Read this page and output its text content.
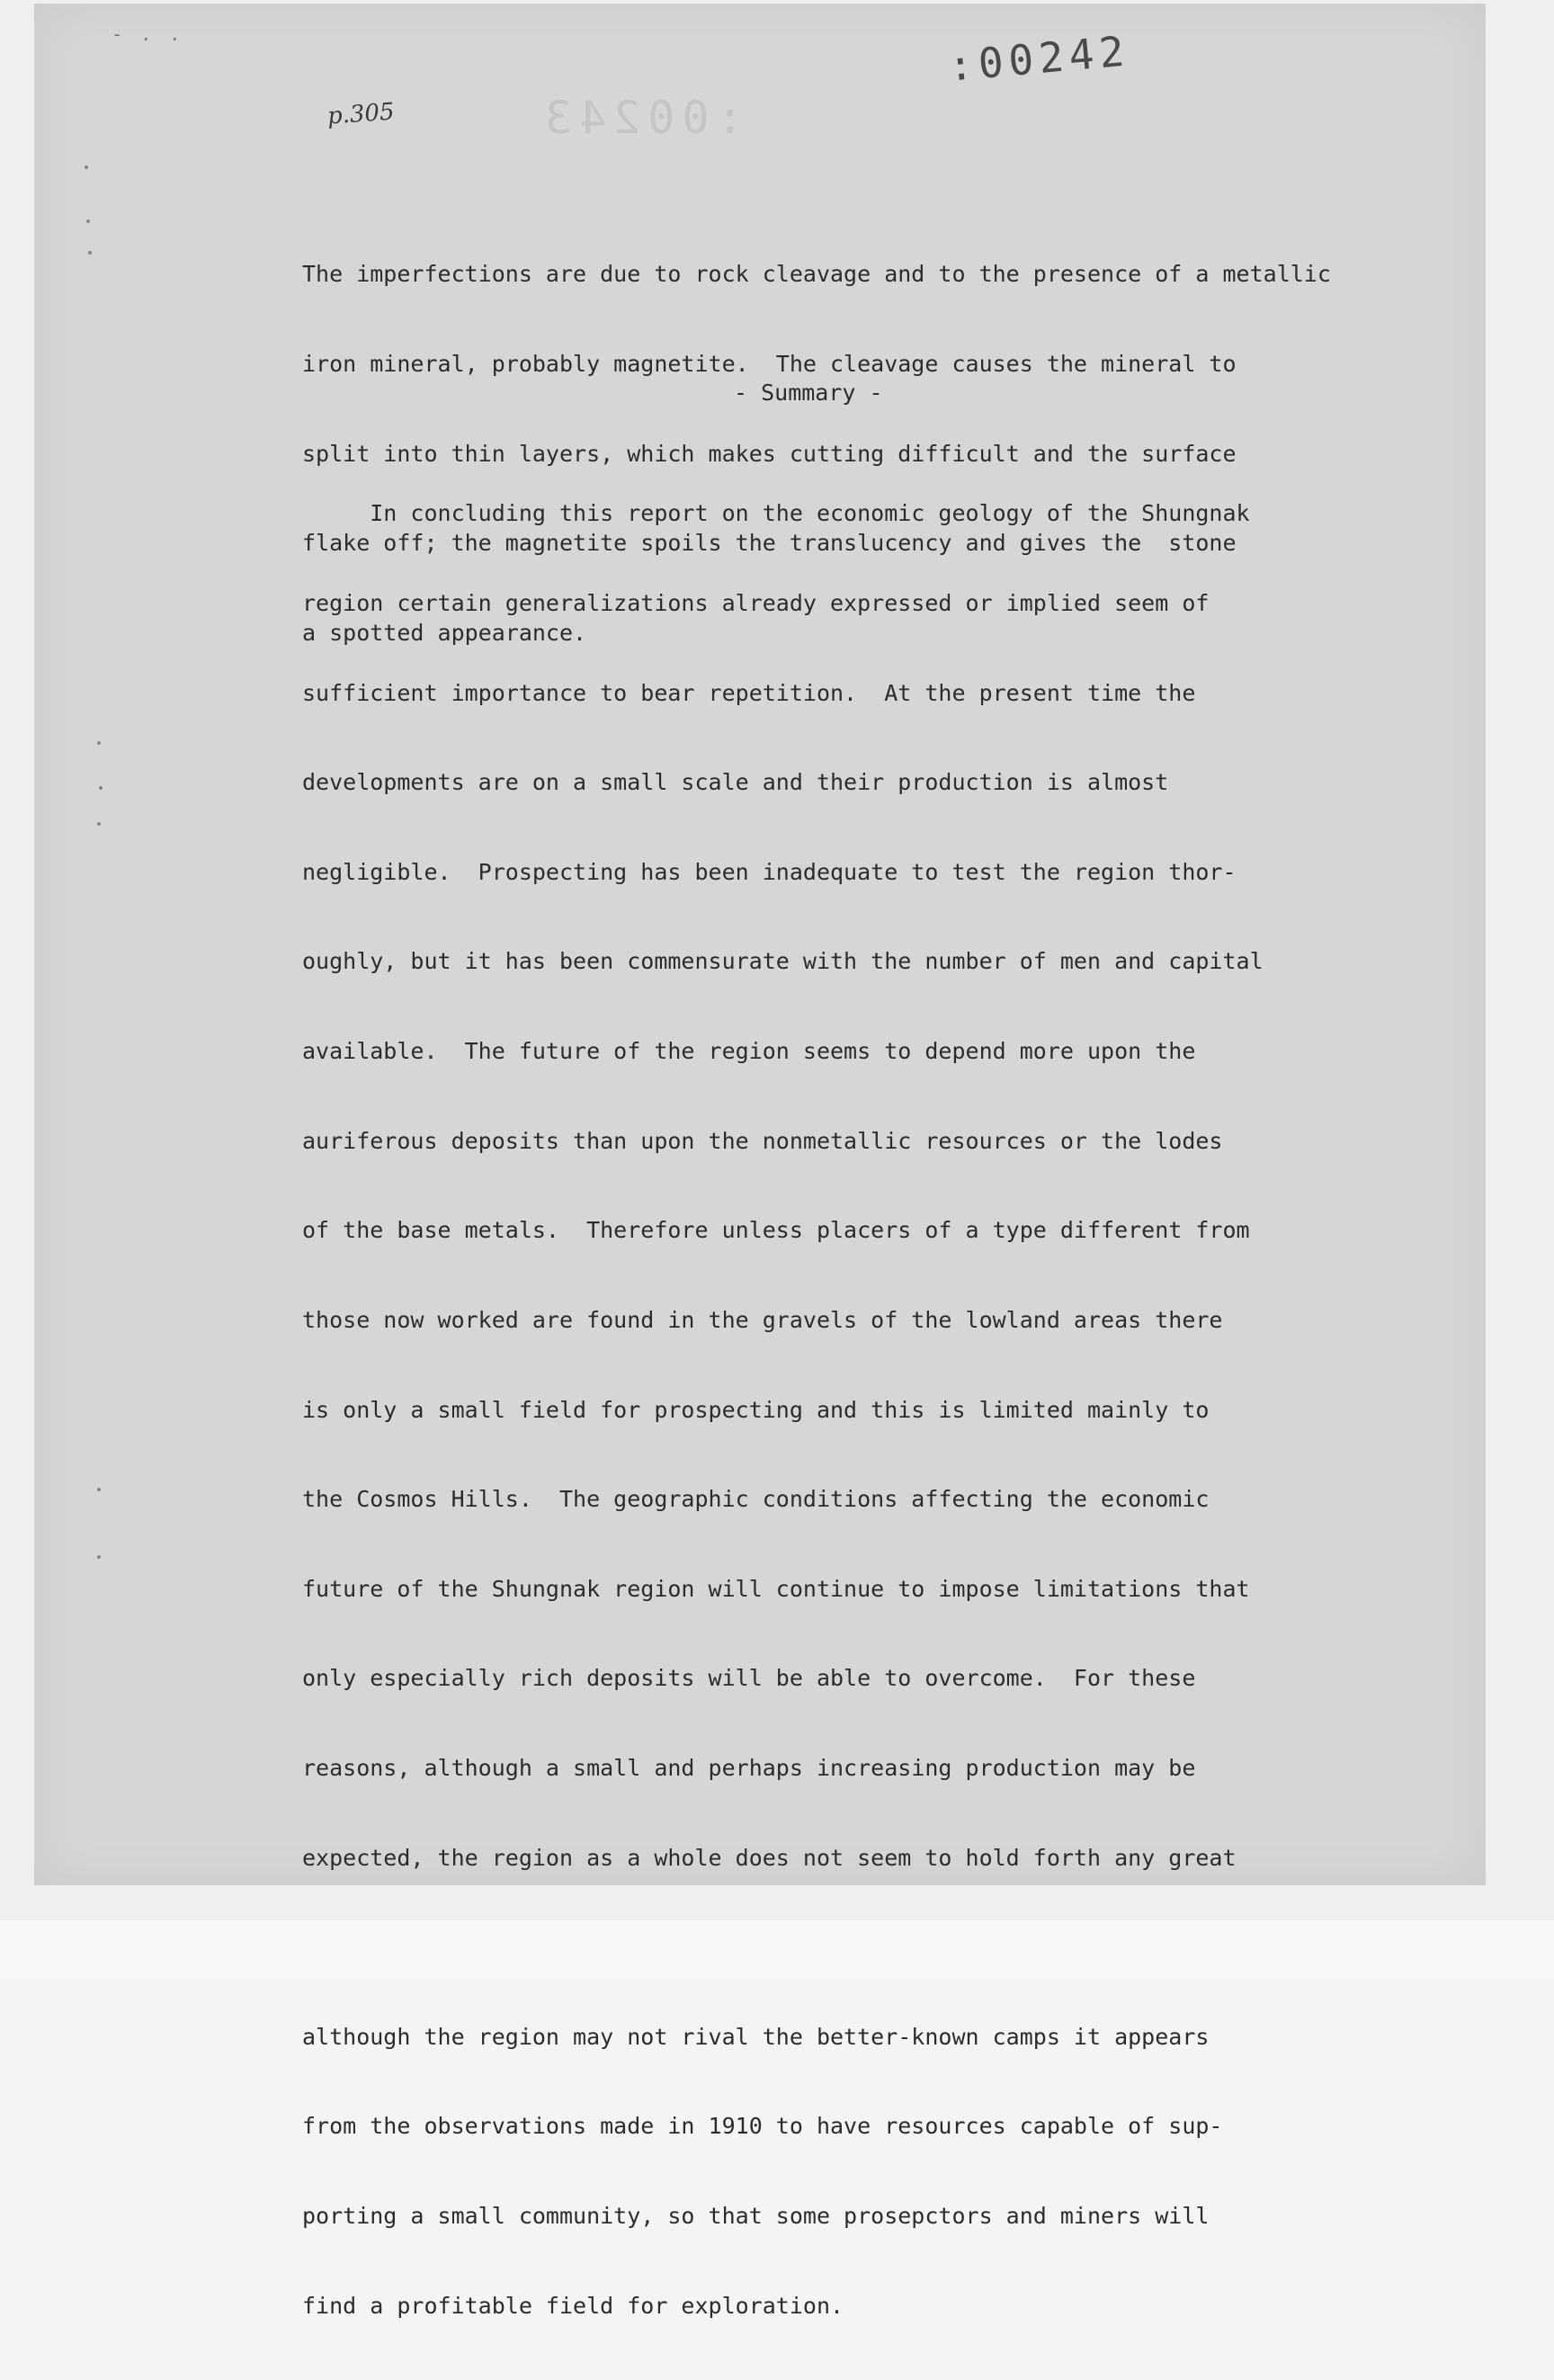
- . .
p.305	:00243
:00242

The imperfections are due to rock cleavage and to the presence of a metallic

iron mineral, probably magnetite.  The cleavage causes the mineral to

split into thin layers, which makes cutting difficult and the surface

flake off; the magnetite spoils the translucency and gives the  stone

a spotted appearance.

- Summary -

In concluding this report on the economic geology of the Shungnak

region certain generalizations already expressed or implied seem of

sufficient importance to bear repetition.  At the present time the

developments are on a small scale and their production is almost

negligible.  Prospecting has been inadequate to test the region thor-

oughly, but it has been commensurate with the number of men and capital

available.  The future of the region seems to depend more upon the

auriferous deposits than upon the nonmetallic resources or the lodes

of the base metals.  Therefore unless placers of a type different from

those now worked are found in the gravels of the lowland areas there

is only a small field for prospecting and this is limited mainly to

the Cosmos Hills.  The geographic conditions affecting the economic

future of the Shungnak region will continue to impose limitations that

only especially rich deposits will be able to overcome.  For these

reasons, although a small and perhaps increasing production may be

expected, the region as a whole does not seem to hold forth any great

although the region may not rival the better-known camps it appears

from the observations made in 1910 to have resources capable of sup-

porting a small community, so that some prosepctors and miners will

find a profitable field for exploration.
